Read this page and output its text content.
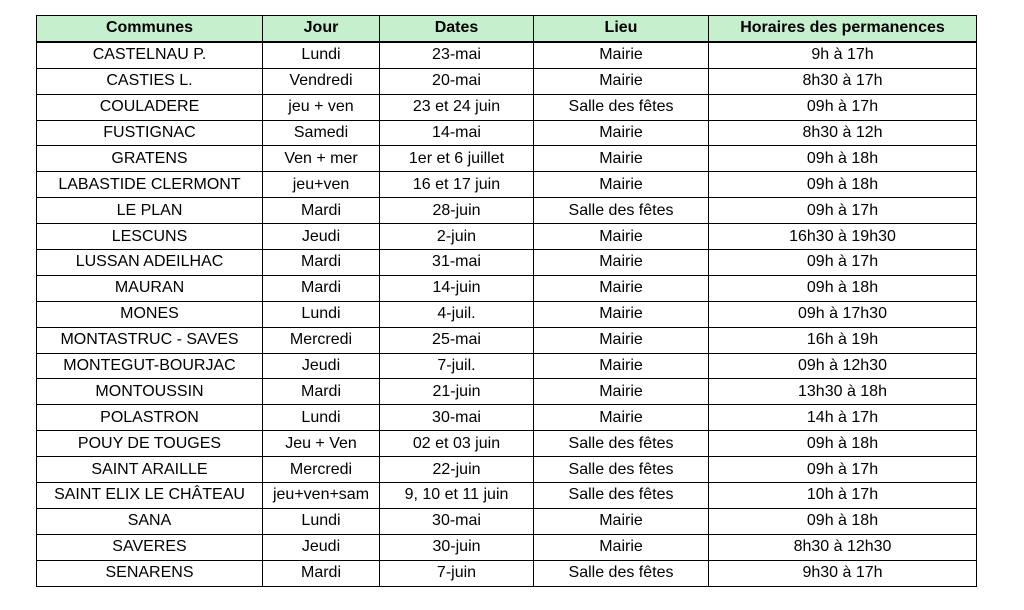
Communes	Jour	Dates	Lieu	Horaires des permanences
CASTELNAU P.	Lundi	23-mai	Mairie	9h à 17h
CASTIES L.	Vendredi	20-mai	Mairie	8h30 à 17h
COULADERE	jeu + ven	23 et 24 juin	Salle des fêtes	09h à 17h
FUSTIGNAC	Samedi	14-mai	Mairie	8h30 à 12h
GRATENS	Ven + mer	1er et 6 juillet	Mairie	09h à 18h
LABASTIDE CLERMONT	jeu+ven	16 et 17 juin	Mairie	09h à 18h
LE PLAN	Mardi	28-juin	Salle des fêtes	09h à 17h
LESCUNS	Jeudi	2-juin	Mairie	16h30 à 19h30
LUSSAN ADEILHAC	Mardi	31-mai	Mairie	09h à 17h
MAURAN	Mardi	14-juin	Mairie	09h à 18h
MONES	Lundi	4-juil.	Mairie	09h à 17h30
MONTASTRUC - SAVES	Mercredi	25-mai	Mairie	16h à 19h
MONTEGUT-BOURJAC	Jeudi	7-juil.	Mairie	09h à 12h30
MONTOUSSIN	Mardi	21-juin	Mairie	13h30 à 18h
POLASTRON	Lundi	30-mai	Mairie	14h à 17h
POUY DE TOUGES	Jeu + Ven	02 et 03 juin	Salle des fêtes	09h à 18h
SAINT ARAILLE	Mercredi	22-juin	Salle des fêtes	09h à 17h
SAINT ELIX LE CHÂTEAU	jeu+ven+sam	9, 10 et 11 juin	Salle des fêtes	10h à 17h
SANA	Lundi	30-mai	Mairie	09h à 18h
SAVERES	Jeudi	30-juin	Mairie	8h30 à 12h30
SENARENS	Mardi	7-juin	Salle des fêtes	9h30 à 17h
